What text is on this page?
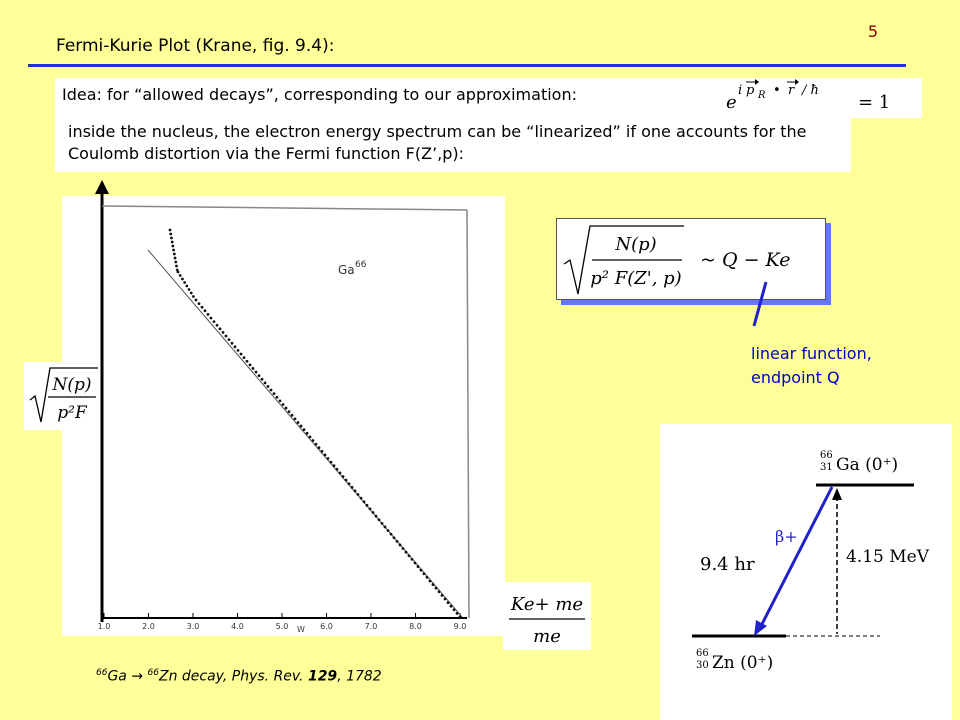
5
Fermi-Kurie Plot (Krane, fig. 9.4):
Idea: for “allowed decays”, corresponding to our approximation:	e
i p R • r / ħ
= 1
inside the nucleus, the electron energy spectrum can be “linearized” if one accounts for the Coulomb distortion via the Fermi function F(Z’,p):
1.0	2.0	3.0	4.0	5.0	6.0	7.0	8.0	9.0
Ga 66
W
N(p)
p²F
Ke+ me
me
$^{66}$Ga → $^{66}$Zn decay, Phys. Rev. 129, 1782
N(p)
p² F(Z', p)
~ Q − Ke
linear function,
endpoint Q
66
31 Ga (0⁺)
66
30 Zn (0⁺)
β+
4.15 MeV
9.4 hr
